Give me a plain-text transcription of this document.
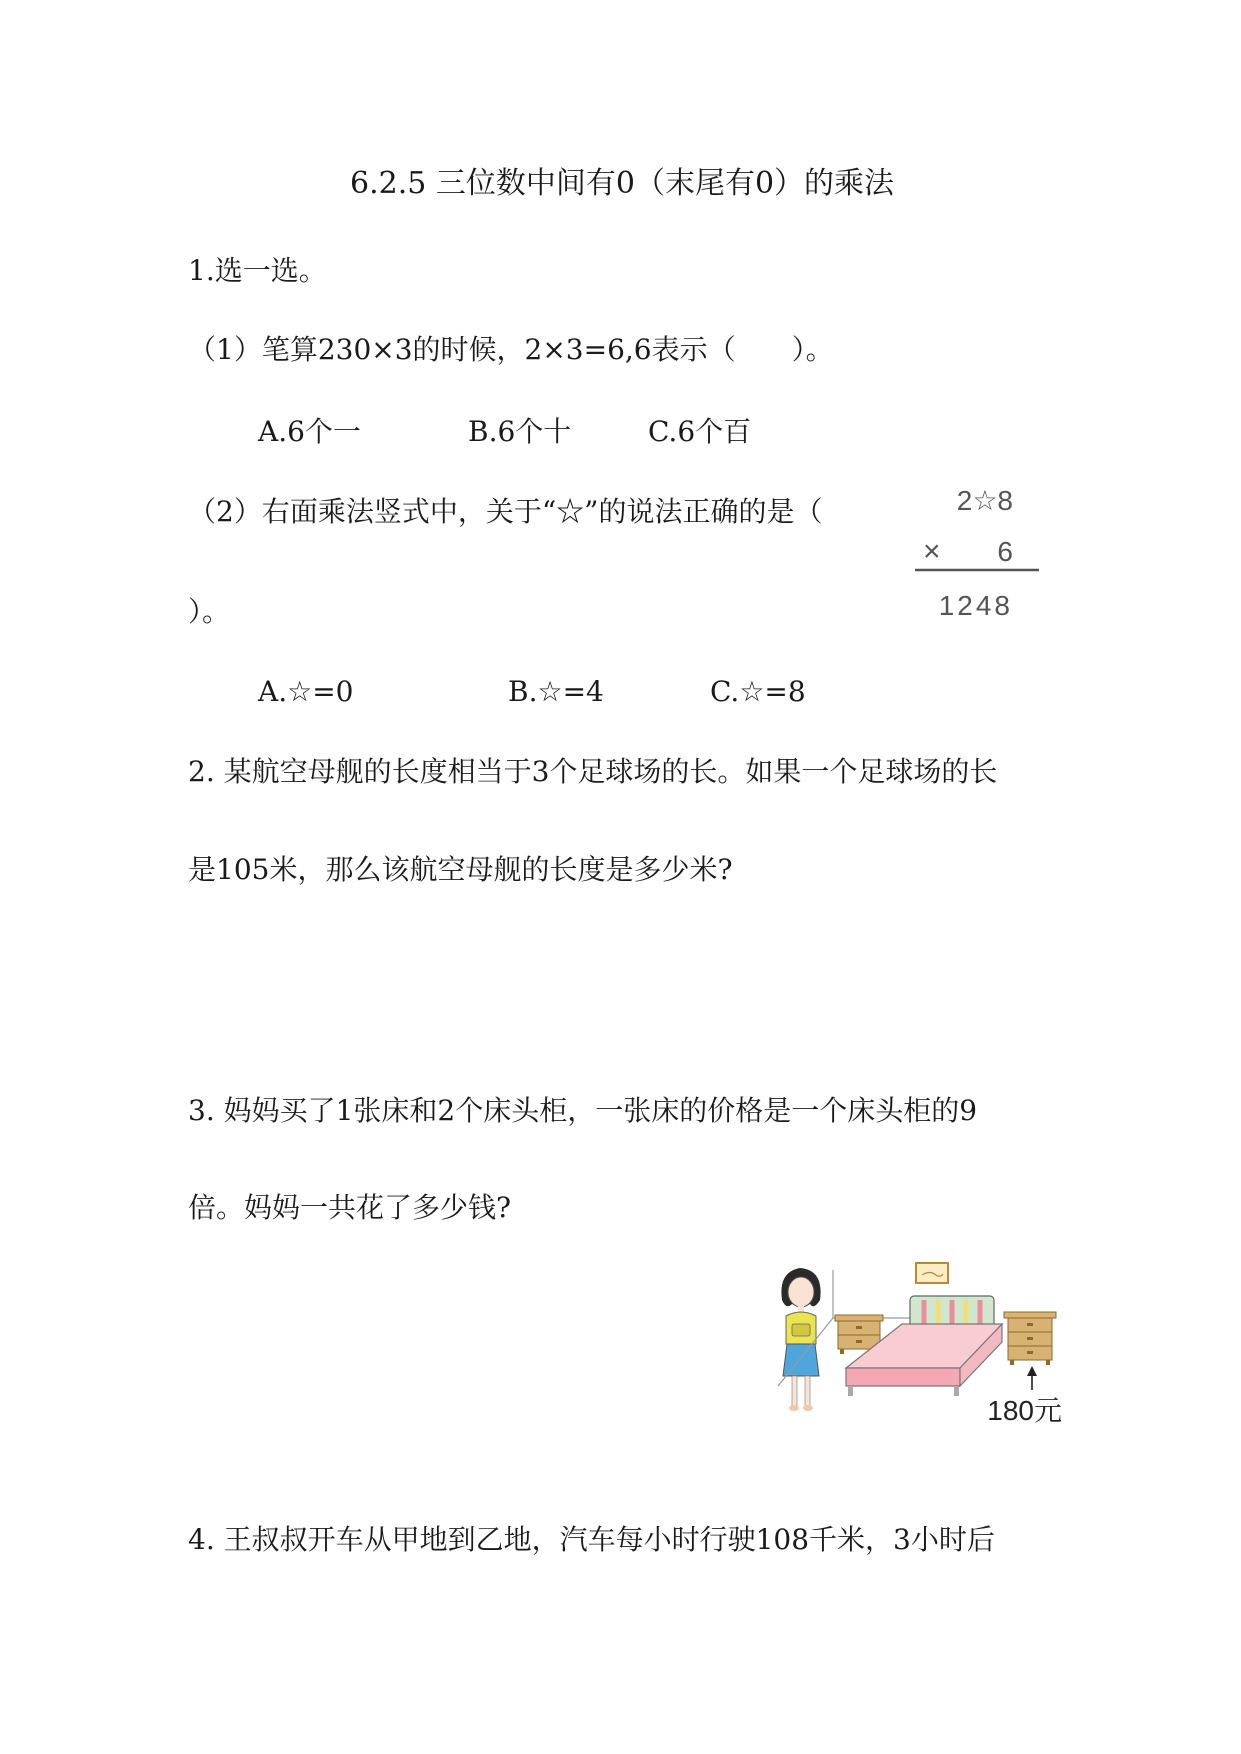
6.2.5 三位数中间有0（末尾有0）的乘法
1.选一选。
（1）笔算230×3的时候，2×3=6,6表示（　　）。
A.6个一	B.6个十	C.6个百
（2）右面乘法竖式中，关于“☆”的说法正确的是（
）。
2☆8
× 6
1248
A.☆=0	B.☆=4	C.☆=8
2. 某航空母舰的长度相当于3个足球场的长。如果一个足球场的长
是105米，那么该航空母舰的长度是多少米?
3. 妈妈买了1张床和2个床头柜，一张床的价格是一个床头柜的9
倍。妈妈一共花了多少钱?
180元
4. 王叔叔开车从甲地到乙地，汽车每小时行驶108千米，3小时后
